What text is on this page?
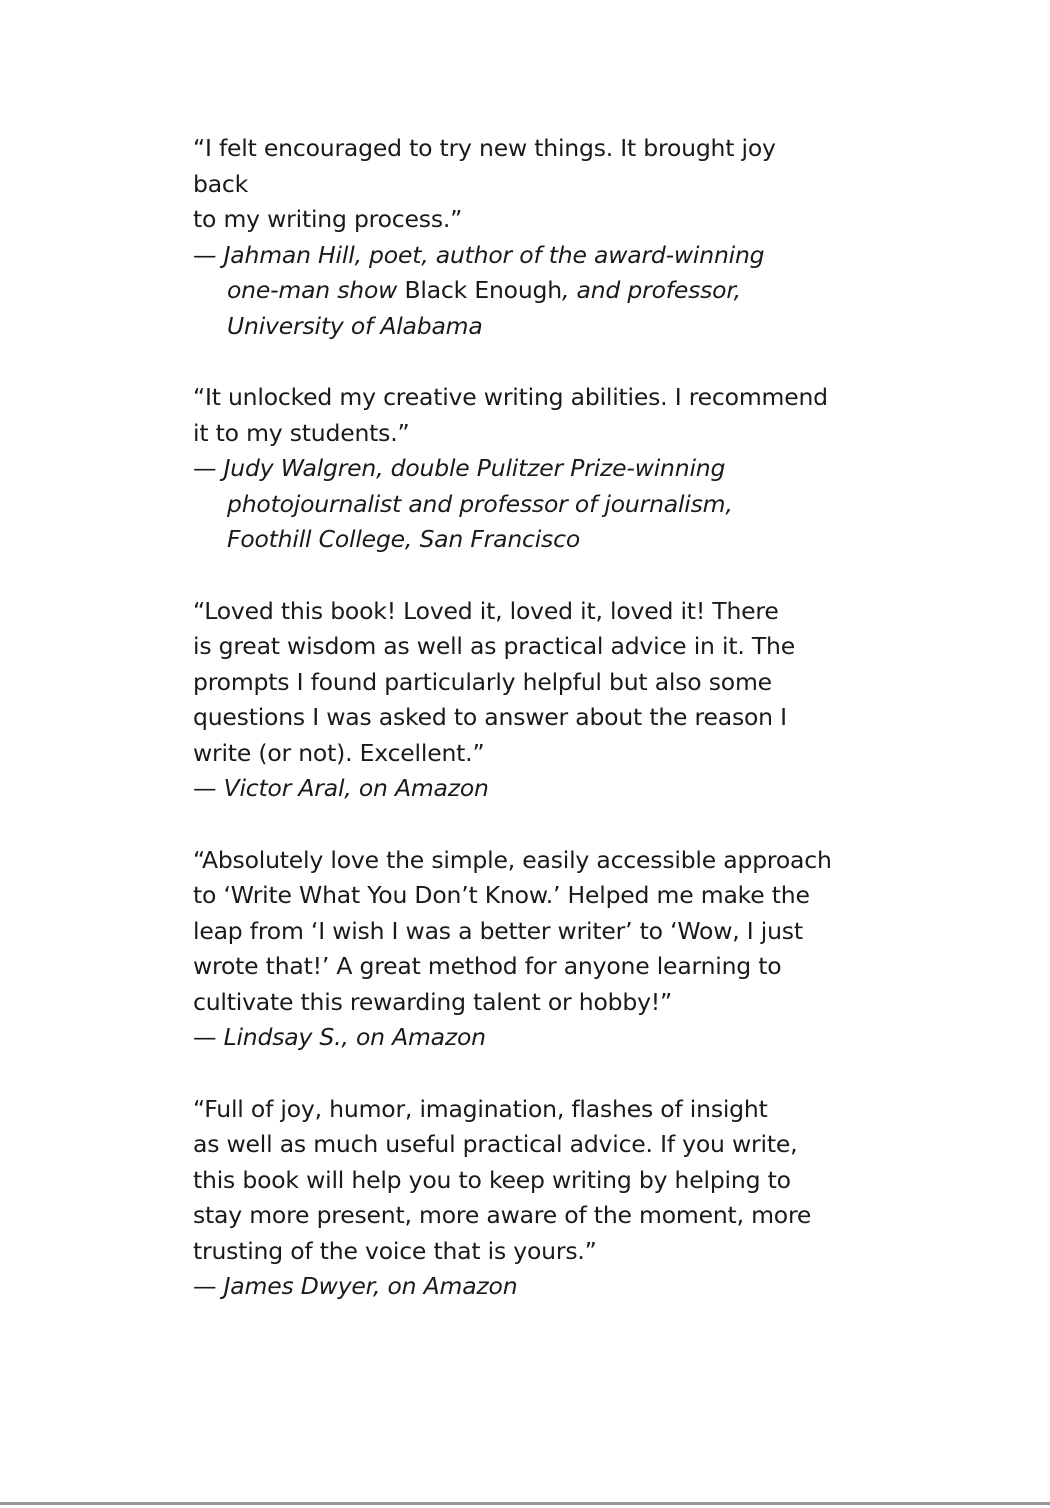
“I felt encouraged to try new things. It brought joy back
to my writing process.”

— Jahman Hill, poet, author of the award-winning
one-man show Black Enough, and professor,
University of Alabama

“It unlocked my creative writing abilities. I recommend
it to my students.”

— Judy Walgren, double Pulitzer Prize-winning
photojournalist and professor of journalism,
Foothill College, San Francisco

“Loved this book! Loved it, loved it, loved it! There
is great wisdom as well as practical advice in it. The
prompts I found particularly helpful but also some
questions I was asked to answer about the reason I
write (or not). Excellent.”

— Victor Aral, on Amazon

“Absolutely love the simple, easily accessible approach
to ‘Write What You Don’t Know.’ Helped me make the
leap from ‘I wish I was a better writer’ to ‘Wow, I just
wrote that!’ A great method for anyone learning to
cultivate this rewarding talent or hobby!”

— Lindsay S., on Amazon

“Full of joy, humor, imagination, flashes of insight
as well as much useful practical advice. If you write,
this book will help you to keep writing by helping to
stay more present, more aware of the moment, more
trusting of the voice that is yours.”

— James Dwyer, on Amazon
